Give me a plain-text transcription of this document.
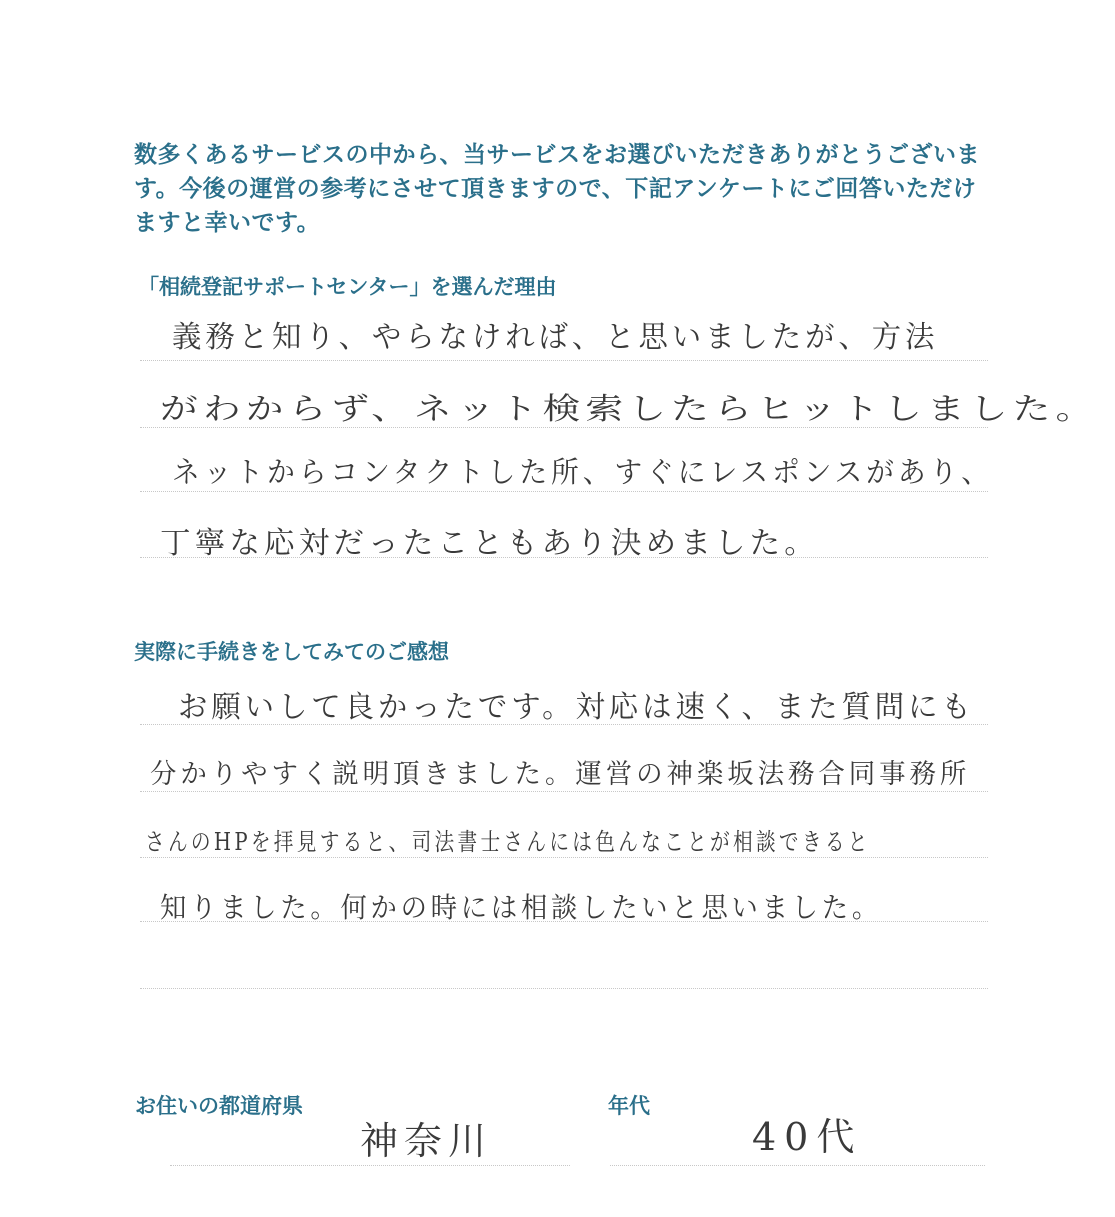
数多くあるサービスの中から、当サービスをお選びいただきありがとうございます。今後の運営の参考にさせて頂きますので、下記アンケートにご回答いただけますと幸いです。
「相続登記サポートセンター」を選んだ理由
義務と知り、やらなければ、と思いましたが、方法
がわからず、ネット検索したらヒットしました。
ネットからコンタクトした所、すぐにレスポンスがあり、
丁寧な応対だったこともあり決めました。
実際に手続きをしてみてのご感想
お願いして良かったです。対応は速く、また質問にも
分かりやすく説明頂きました。運営の神楽坂法務合同事務所
さんのHPを拝見すると、司法書士さんには色んなことが相談できると
知りました。何かの時には相談したいと思いました。
お住いの都道府県
神奈川
年代
40代
